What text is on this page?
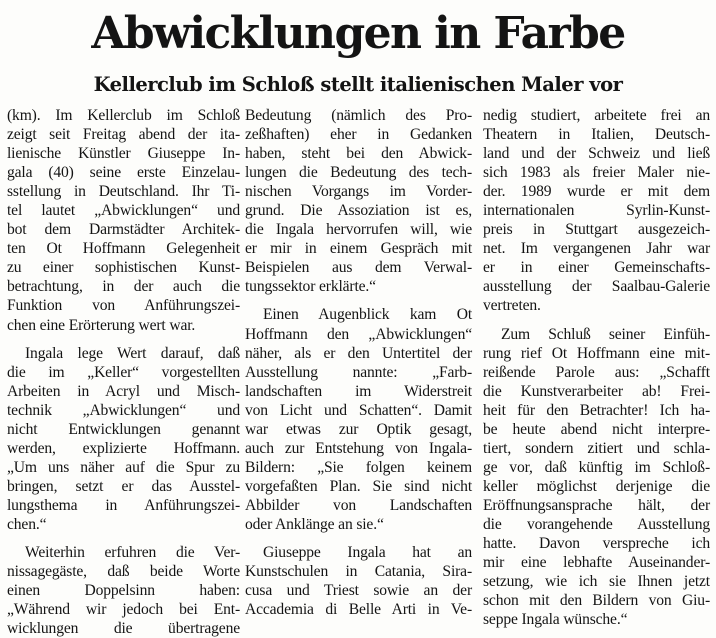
Abwicklungen in Farbe
Kellerclub im Schloß stellt italienischen Maler vor
(km). Im Kellerclub im Schloß
zeigt seit Freitag abend der ita-
lienische Künstler Giuseppe In-
gala (40) seine erste Einzelau-
sstellung in Deutschland. Ihr Ti-
tel lautet „Abwicklungen“ und
bot dem Darmstädter Architek-
ten Ot Hoffmann Gelegenheit
zu einer sophistischen Kunst-
betrachtung, in der auch die
Funktion von Anführungszei-
chen eine Erörterung wert war.
Ingala lege Wert darauf, daß
die im „Keller“ vorgestellten
Arbeiten in Acryl und Misch-
technik „Abwicklungen“ und
nicht Entwicklungen genannt
werden, explizierte Hoffmann.
„Um uns näher auf die Spur zu
bringen, setzt er das Ausstel-
lungsthema in Anführungszei-
chen.“
Weiterhin erfuhren die Ver-
nissagegäste, daß beide Worte
einen Doppelsinn haben:
„Während wir jedoch bei Ent-
wicklungen die übertragene
Bedeutung (nämlich des Pro-
zeßhaften) eher in Gedanken
haben, steht bei den Abwick-
lungen die Bedeutung des tech-
nischen Vorgangs im Vorder-
grund. Die Assoziation ist es,
die Ingala hervorrufen will, wie
er mir in einem Gespräch mit
Beispielen aus dem Verwal-
tungssektor erklärte.“
Einen Augenblick kam Ot
Hoffmann den „Abwicklungen“
näher, als er den Untertitel der
Ausstellung nannte: „Farb-
landschaften im Widerstreit
von Licht und Schatten“. Damit
war etwas zur Optik gesagt,
auch zur Entstehung von Ingala-
Bildern: „Sie folgen keinem
vorgefaßten Plan. Sie sind nicht
Abbilder von Landschaften
oder Anklänge an sie.“
Giuseppe Ingala hat an
Kunstschulen in Catania, Sira-
cusa und Triest sowie an der
Accademia di Belle Arti in Ve-
nedig studiert, arbeitete frei an
Theatern in Italien, Deutsch-
land und der Schweiz und ließ
sich 1983 als freier Maler nie-
der. 1989 wurde er mit dem
internationalen Syrlin-Kunst-
preis in Stuttgart ausgezeich-
net. Im vergangenen Jahr war
er in einer Gemeinschafts-
ausstellung der Saalbau-Galerie
vertreten.
Zum Schluß seiner Einfüh-
rung rief Ot Hoffmann eine mit-
reißende Parole aus: „Schafft
die Kunstverarbeiter ab! Frei-
heit für den Betrachter! Ich ha-
be heute abend nicht interpre-
tiert, sondern zitiert und schla-
ge vor, daß künftig im Schloß-
keller möglichst derjenige die
Eröffnungsansprache hält, der
die vorangehende Ausstellung
hatte. Davon verspreche ich
mir eine lebhafte Auseinander-
setzung, wie ich sie Ihnen jetzt
schon mit den Bildern von Giu-
seppe Ingala wünsche.“
